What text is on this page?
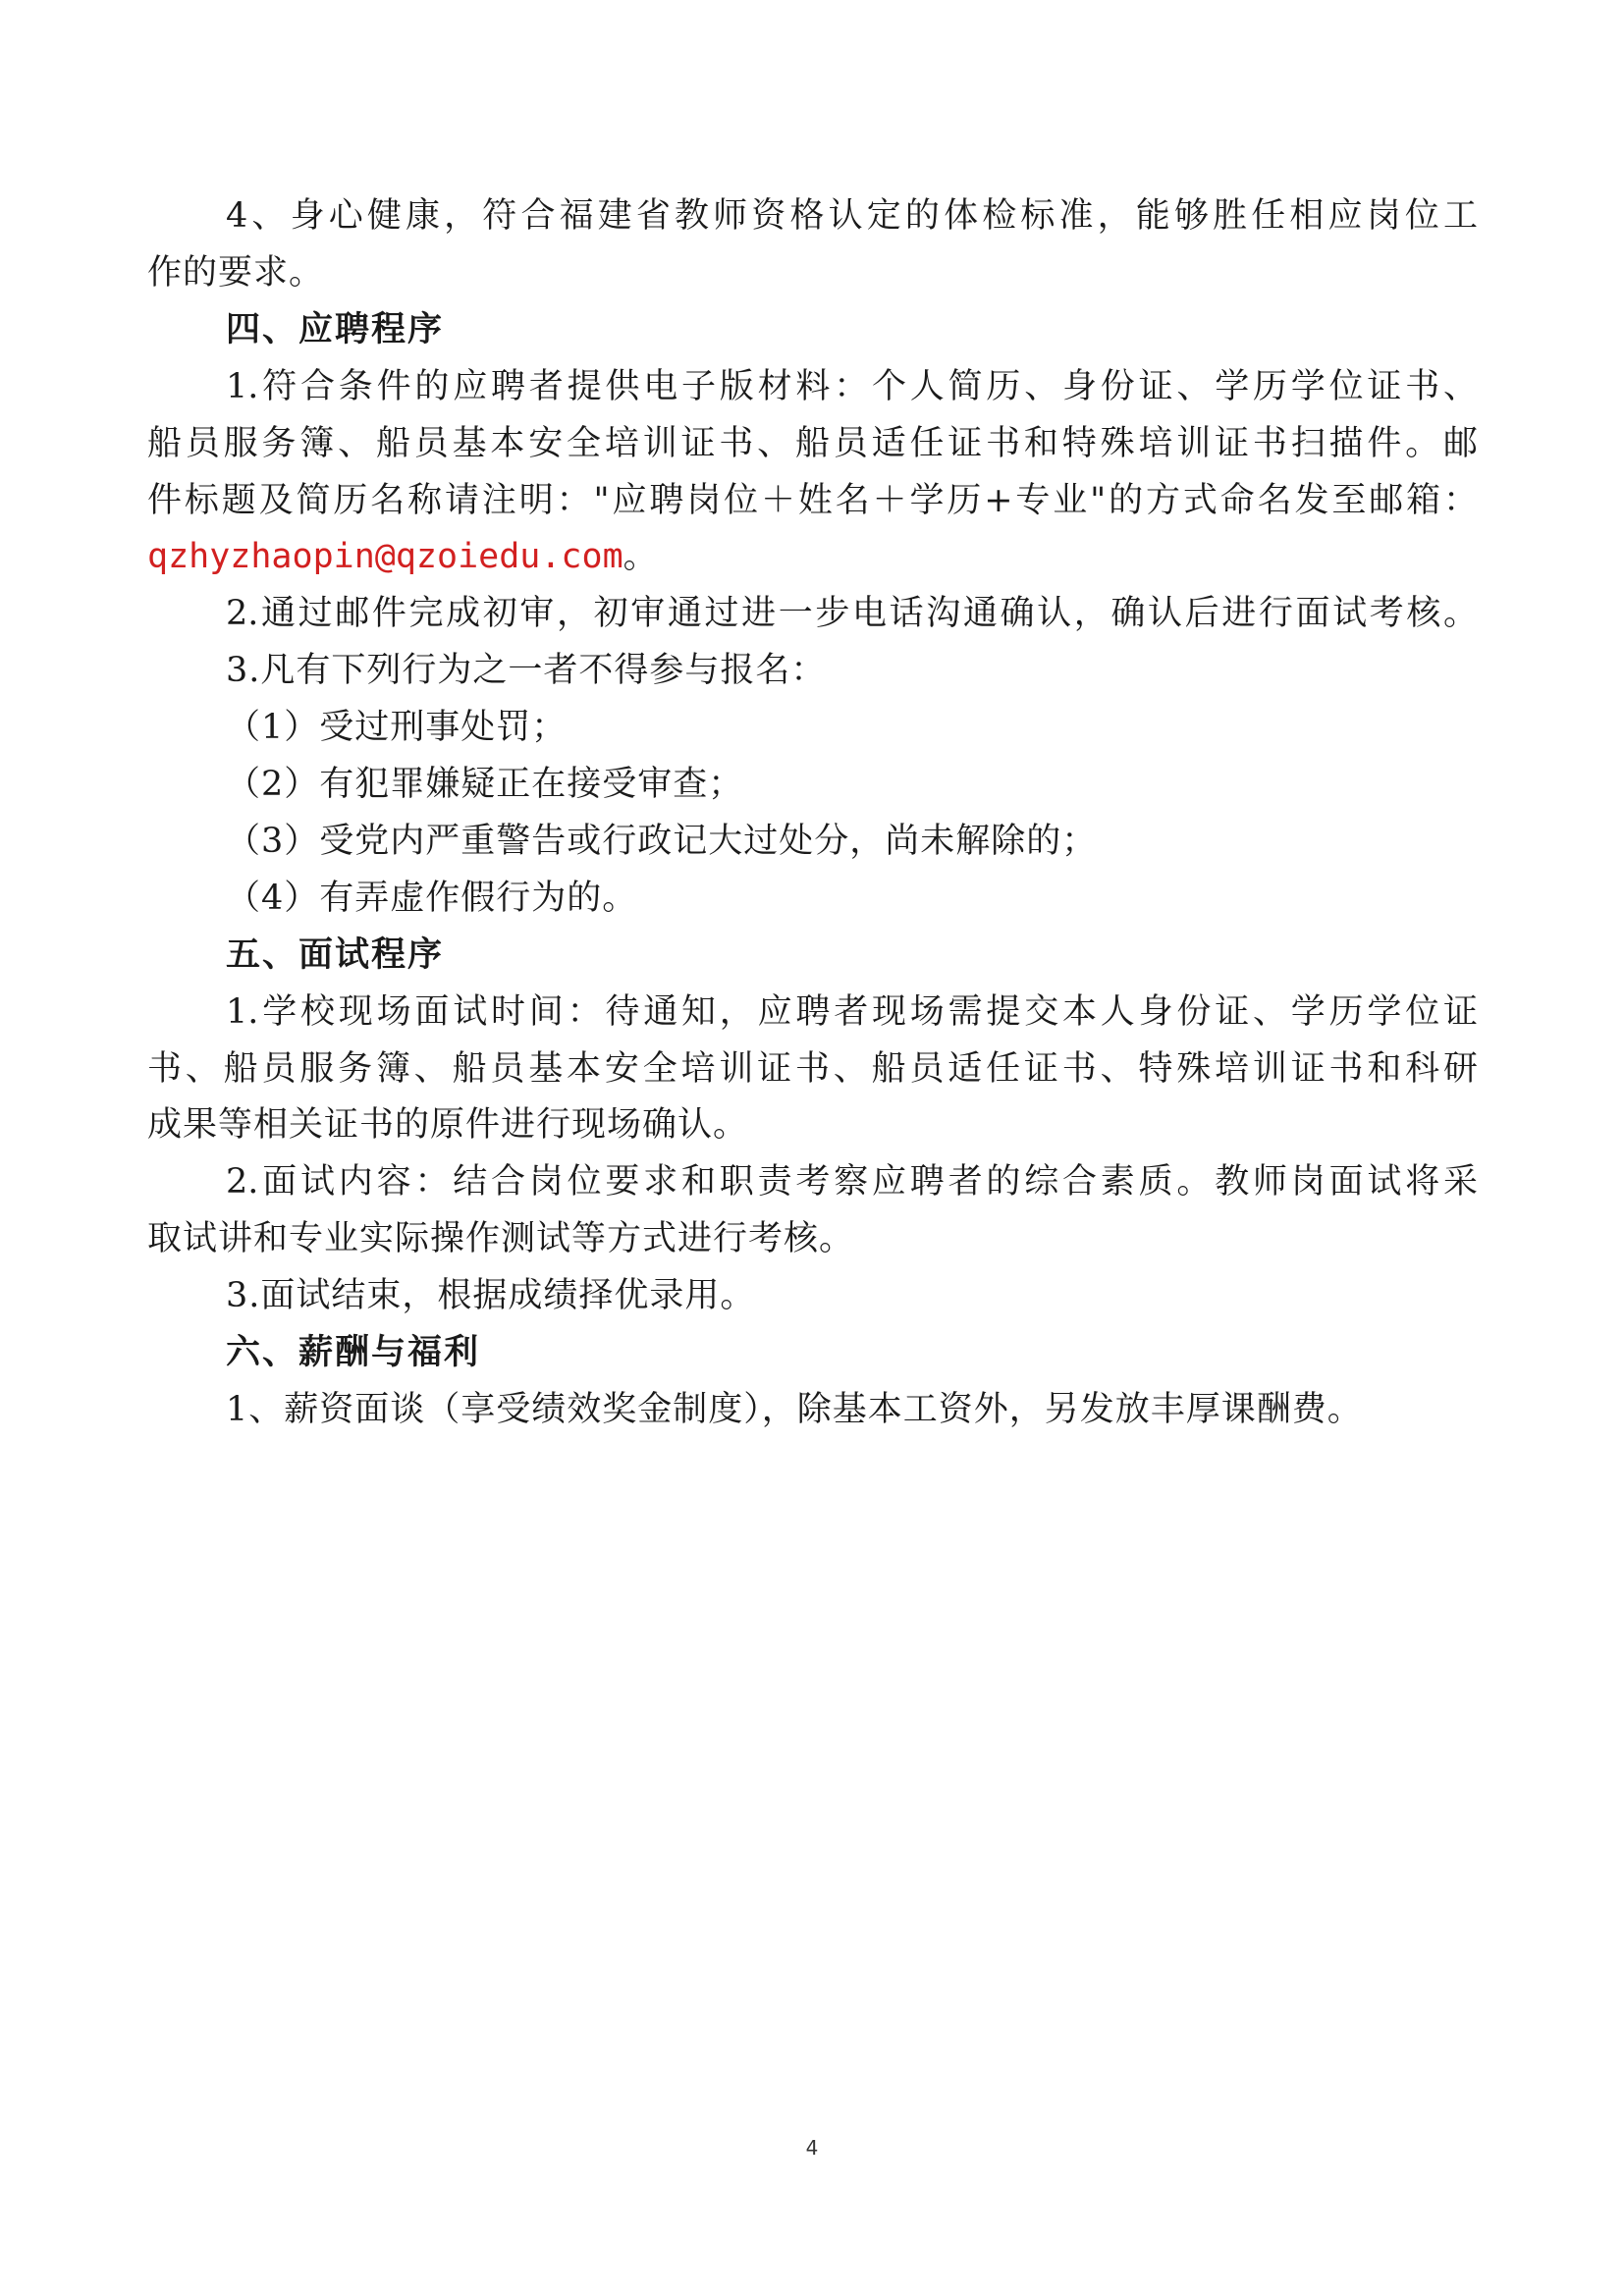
4、身心健康，符合福建省教师资格认定的体检标准，能够胜任相应岗位工
作的要求。
四、应聘程序
1.符合条件的应聘者提供电子版材料：个人简历、身份证、学历学位证书、
船员服务簿、船员基本安全培训证书、船员适任证书和特殊培训证书扫描件。邮
件标题及简历名称请注明："应聘岗位＋姓名＋学历+专业"的方式命名发至邮箱：
qzhyzhaopin@qzoiedu.com。
2.通过邮件完成初审，初审通过进一步电话沟通确认，确认后进行面试考核。
3.凡有下列行为之一者不得参与报名：
（1）受过刑事处罚；
（2）有犯罪嫌疑正在接受审查；
（3）受党内严重警告或行政记大过处分，尚未解除的；
（4）有弄虚作假行为的。
五、面试程序
1.学校现场面试时间：待通知，应聘者现场需提交本人身份证、学历学位证
书、船员服务簿、船员基本安全培训证书、船员适任证书、特殊培训证书和科研
成果等相关证书的原件进行现场确认。
2.面试内容：结合岗位要求和职责考察应聘者的综合素质。教师岗面试将采
取试讲和专业实际操作测试等方式进行考核。
3.面试结束，根据成绩择优录用。
六、薪酬与福利
1、薪资面谈（享受绩效奖金制度），除基本工资外，另发放丰厚课酬费。
4
